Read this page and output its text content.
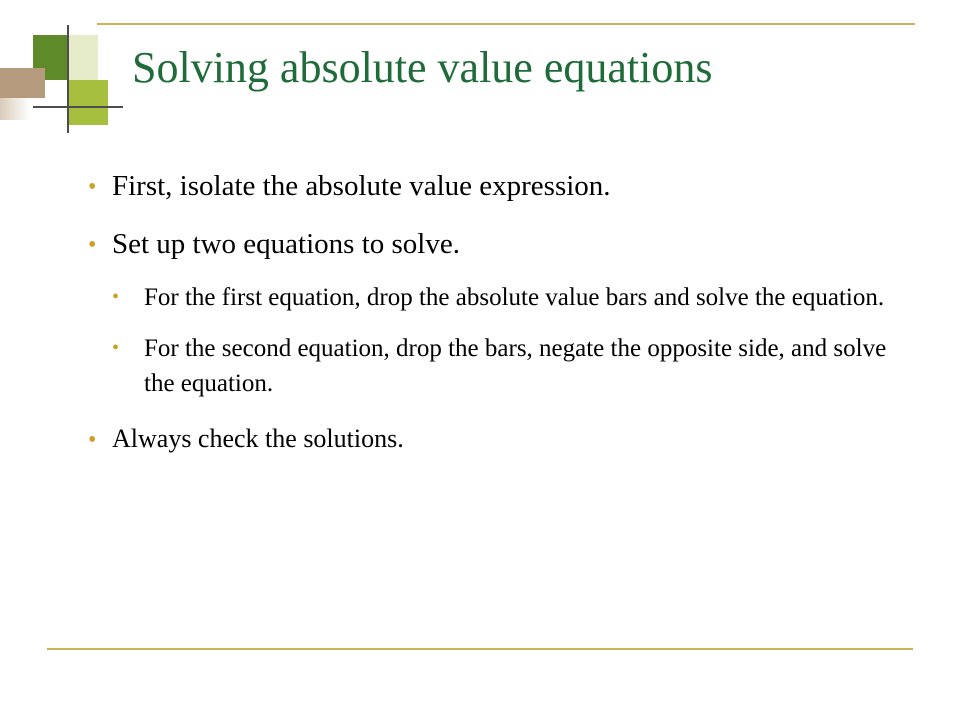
Solving absolute value equations
• First, isolate the absolute value expression.
• Set up two equations to solve.
• For the first equation, drop the absolute value bars and solve the equation.
• For the second equation, drop the bars, negate the opposite side, and solve the equation.
• Always check the solutions.
